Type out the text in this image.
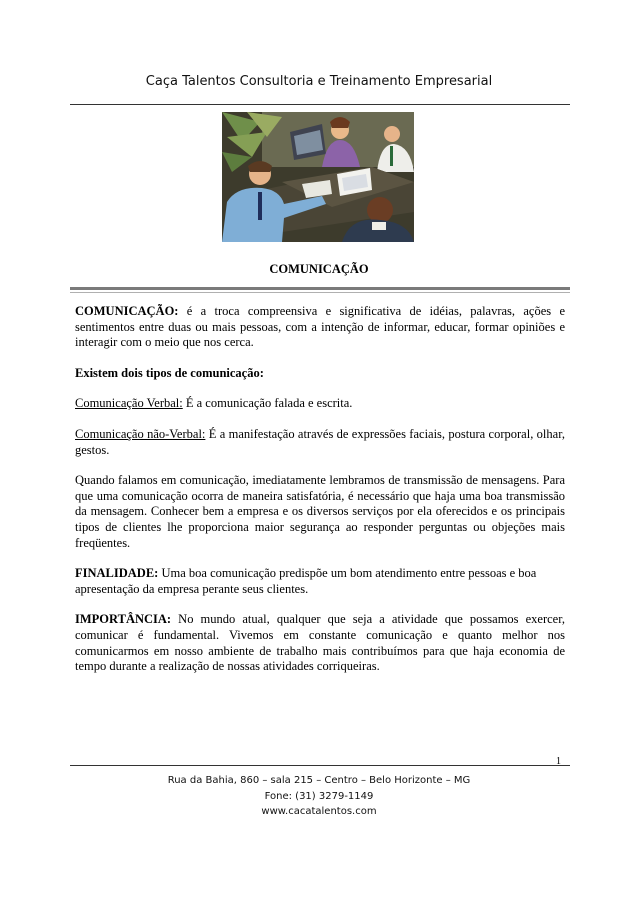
Caça Talentos Consultoria e Treinamento Empresarial
COMUNICAÇÃO

COMUNICAÇÃO: é a troca compreensiva e significativa de idéias, palavras, ações e sentimentos entre duas ou mais pessoas, com a intenção de informar, educar, formar opiniões e interagir com o meio que nos cerca.

Existem dois tipos de comunicação:

Comunicação Verbal: É a comunicação falada e escrita.

Comunicação não-Verbal: É a manifestação através de expressões faciais, postura corporal, olhar, gestos.

Quando falamos em comunicação, imediatamente lembramos de transmissão de mensagens. Para que uma comunicação ocorra de maneira satisfatória, é necessário que haja uma boa transmissão da mensagem. Conhecer bem a empresa e os diversos serviços por ela oferecidos e os principais tipos de clientes lhe proporciona maior segurança ao responder perguntas ou objeções mais freqüentes.

FINALIDADE: Uma boa comunicação predispõe um bom atendimento entre pessoas e boa apresentação da empresa perante seus clientes.

IMPORTÂNCIA: No mundo atual, qualquer que seja a atividade que possamos exercer, comunicar é fundamental. Vivemos em constante comunicação e quanto melhor nos comunicarmos em nosso ambiente de trabalho mais contribuímos para que haja economia de tempo durante a realização de nossas atividades corriqueiras.

1
Rua da Bahia, 860 – sala 215 – Centro – Belo Horizonte – MG
Fone: (31) 3279-1149
www.cacatalentos.com
